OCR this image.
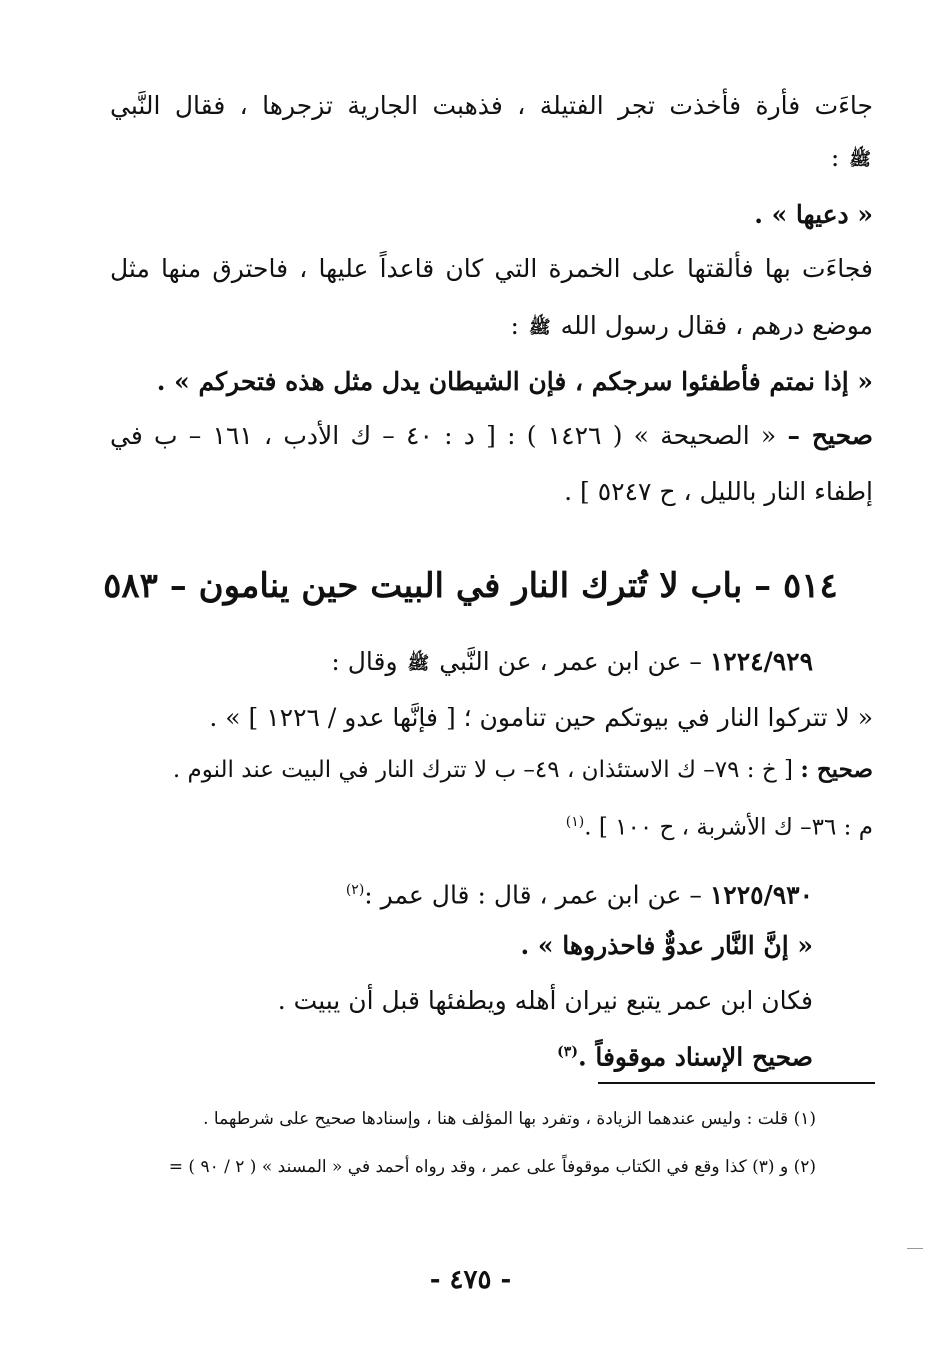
جاءَت فأرة فأخذت تجر الفتيلة ، فذهبت الجارية تزجرها ، فقال النَّبي
ﷺ :
« دعيها » .
فجاءَت بها فألقتها على الخمرة التي كان قاعداً عليها ، فاحترق منها مثل
موضع درهم ، فقال رسول الله ﷺ :
« إذا نمتم فأطفئوا سرجكم ، فإن الشيطان يدل مثل هذه فتحركم » .
صحيح – « الصحيحة » ( ١٤٢٦ ) : [ د : ٤٠ – ك الأدب ، ١٦١ – ب في
إطفاء النار بالليل ، ح ٥٢٤٧ ] .
٥١٤ – باب لا تُترك النار في البيت حين ينامون – ٥٨٣
١٢٢٤/٩٢٩ – عن ابن عمر ، عن النَّبي ﷺ وقال :
« لا تتركوا النار في بيوتكم حين تنامون ؛ [ فإنَّها عدو / ١٢٢٦ ] » .
صحيح : [ خ : ٧٩– ك الاستئذان ، ٤٩– ب لا تترك النار في البيت عند النوم .
م : ٣٦– ك الأشربة ، ح ١٠٠ ] .$^{(١)}$
١٢٢٥/٩٣٠ – عن ابن عمر ، قال : قال عمر :$^{(٢)}$
« إنَّ النَّار عدوٌّ فاحذروها » .
فكان ابن عمر يتبع نيران أهله ويطفئها قبل أن يبيت .
صحيح الإسناد موقوفاً .$^{(٣)}$
(١) قلت : وليس عندهما الزيادة ، وتفرد بها المؤلف هنا ، وإسنادها صحيح على شرطهما .
(٢) و (٣) كذا وقع في الكتاب موقوفاً على عمر ، وقد رواه أحمد في « المسند » ( ٢ / ٩٠ ) =
- ٤٧٥ -
